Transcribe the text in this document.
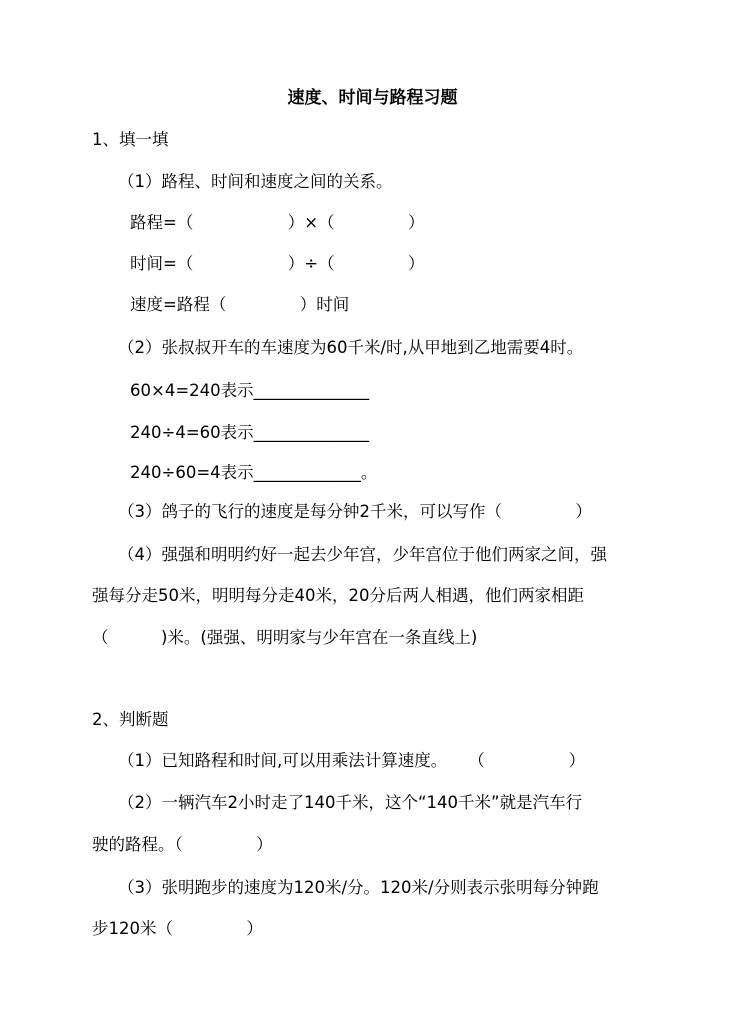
速度、时间与路程习题
1、填一填
（1）路程、时间和速度之间的关系。
路程=（                  ）×（              ）
时间=（                  ）÷（              ）
速度=路程（              ）时间
（2）张叔叔开车的车速度为60千米/时,从甲地到乙地需要4时。
60×4=240表示______________
240÷4=60表示______________
240÷60=4表示_____________。
（3）鸽子的飞行的速度是每分钟2千米，可以写作（              ）
（4）强强和明明约好一起去少年宫，少年宫位于他们两家之间，强
强每分走50米，明明每分走40米，20分后两人相遇，他们两家相距
（          )米。(强强、明明家与少年宫在一条直线上)
2、判断题
（1）已知路程和时间,可以用乘法计算速度。    （                ）
（2）一辆汽车2小时走了140千米，这个“140千米”就是汽车行
驶的路程。（              ）
（3）张明跑步的速度为120米/分。120米/分则表示张明每分钟跑
步120米（              ）
